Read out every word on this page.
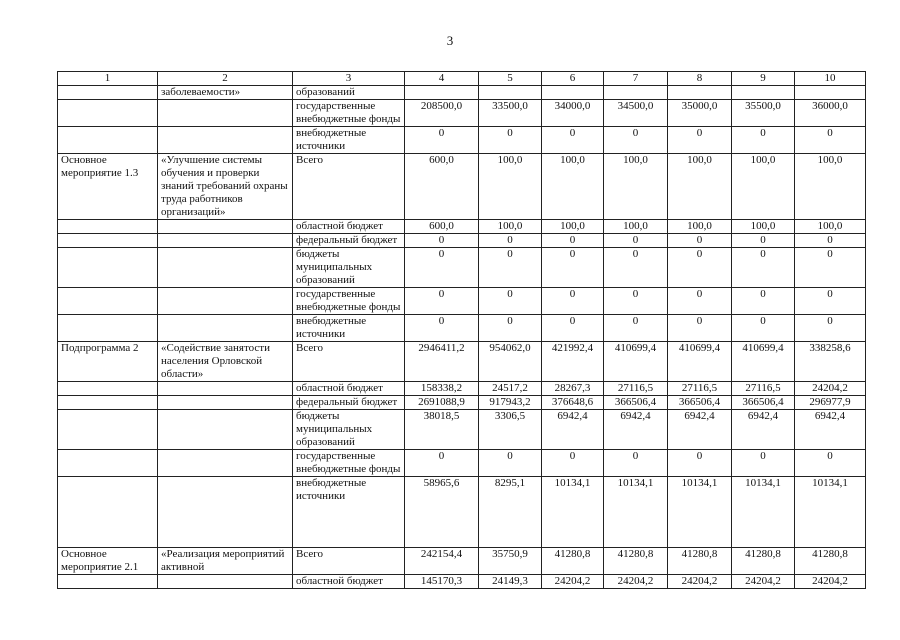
3
1	2	3	4	5	6	7	8	9	10
	заболеваемости»	образований							
		государственные внебюджетные фонды	208500,0	33500,0	34000,0	34500,0	35000,0	35500,0	36000,0
		внебюджетные источники	0	0	0	0	0	0	0
Основное мероприятие 1.3	«Улучшение системы обучения и проверки знаний требований охраны труда работников организаций»	Всего	600,0	100,0	100,0	100,0	100,0	100,0	100,0
		областной бюджет	600,0	100,0	100,0	100,0	100,0	100,0	100,0
		федеральный бюджет	0	0	0	0	0	0	0
		бюджеты муниципальных образований	0	0	0	0	0	0	0
		государственные внебюджетные фонды	0	0	0	0	0	0	0
		внебюджетные источники	0	0	0	0	0	0	0
Подпрограмма 2	«Содействие занятости населения Орловской области»	Всего	2946411,2	954062,0	421992,4	410699,4	410699,4	410699,4	338258,6
		областной бюджет	158338,2	24517,2	28267,3	27116,5	27116,5	27116,5	24204,2
		федеральный бюджет	2691088,9	917943,2	376648,6	366506,4	366506,4	366506,4	296977,9
		бюджеты муниципальных образований	38018,5	3306,5	6942,4	6942,4	6942,4	6942,4	6942,4
		государственные внебюджетные фонды	0	0	0	0	0	0	0
		внебюджетные источники	58965,6	8295,1	10134,1	10134,1	10134,1	10134,1	10134,1
Основное мероприятие 2.1	«Реализация мероприятий активной	Всего	242154,4	35750,9	41280,8	41280,8	41280,8	41280,8	41280,8
		областной бюджет	145170,3	24149,3	24204,2	24204,2	24204,2	24204,2	24204,2
